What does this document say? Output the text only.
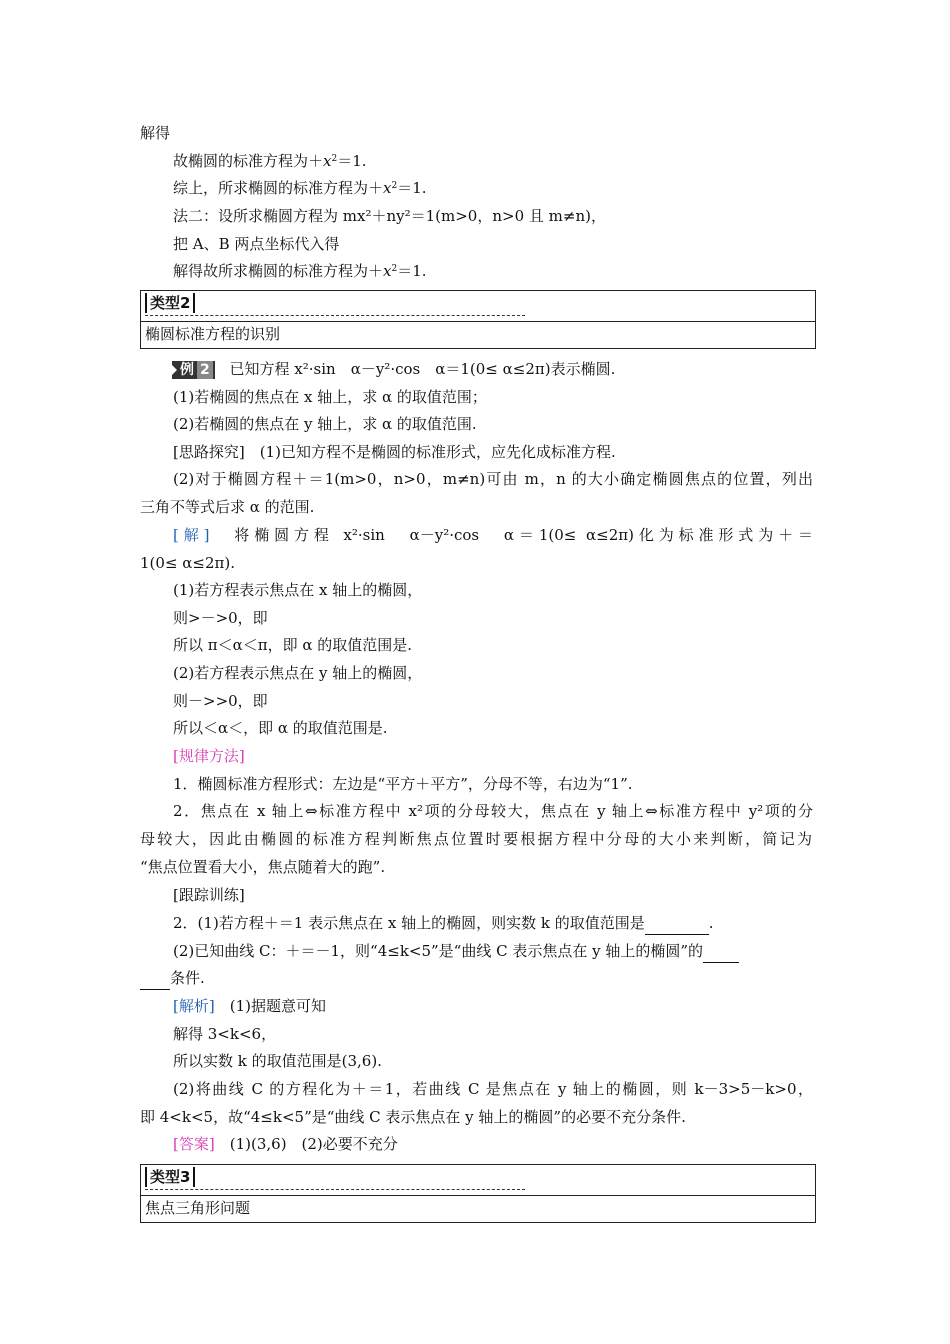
解得
故椭圆的标准方程为$+x^2=1$.
综上，所求椭圆的标准方程为$+x^2=1$.
法二：设所求椭圆方程为 mx²＋ny²＝1(m>0，n>0 且 m≠n)，
把 A、B 两点坐标代入得
解得故所求椭圆的标准方程为$+x^2=1$.
类型2
椭圆标准方程的识别
例 2 已知方程 x²·sin　α－y²·cos　α＝1(0≤ α≤2π)表示椭圆.
(1)若椭圆的焦点在 x 轴上，求 α 的取值范围；
(2)若椭圆的焦点在 y 轴上，求 α 的取值范围.
[思路探究]　(1)已知方程不是椭圆的标准形式，应先化成标准方程.
(2)对于椭圆方程＋＝1(m>0，n>0，m≠n)可由 m，n 的大小确定椭圆焦点的位置，列出
三角不等式后求 α 的范围.
[解]　 将椭圆方程 x²·sin　α－y²·cos　α＝1(0≤ α≤2π)化为标准形式为＋＝
1(0≤ α≤2π).
(1)若方程表示焦点在 x 轴上的椭圆，
则>－>0，即
所以 π＜α＜π，即 α 的取值范围是.
(2)若方程表示焦点在 y 轴上的椭圆，
则－>>0，即
所以＜α＜，即 α 的取值范围是.
[规律方法]
1．椭圆标准方程形式：左边是“平方＋平方”，分母不等，右边为“1”.
2．焦点在 x 轴上⇔标准方程中 x²项的分母较大，焦点在 y 轴上⇔标准方程中 y²项的分
母较大，因此由椭圆的标准方程判断焦点位置时要根据方程中分母的大小来判断，简记为
“焦点位置看大小，焦点随着大的跑”.
[跟踪训练]
2．(1)若方程＋＝1 表示焦点在 x 轴上的椭圆，则实数 k 的取值范围是	.
(2)已知曲线 C：＋＝－1，则“4≤k<5”是“曲线 C 表示焦点在 y 轴上的椭圆”的
条件.
[解析]　 (1)据题意可知
解得 3<k<6，
所以实数 k 的取值范围是(3,6).
(2)将曲线 C 的方程化为＋＝1，若曲线 C 是焦点在 y 轴上的椭圆，则 k－3>5－k>0，
即 4<k<5，故“4≤k<5”是“曲线 C 表示焦点在 y 轴上的椭圆”的必要不充分条件.
[答案]　 (1)(3,6)　(2)必要不充分
类型3
焦点三角形问题
